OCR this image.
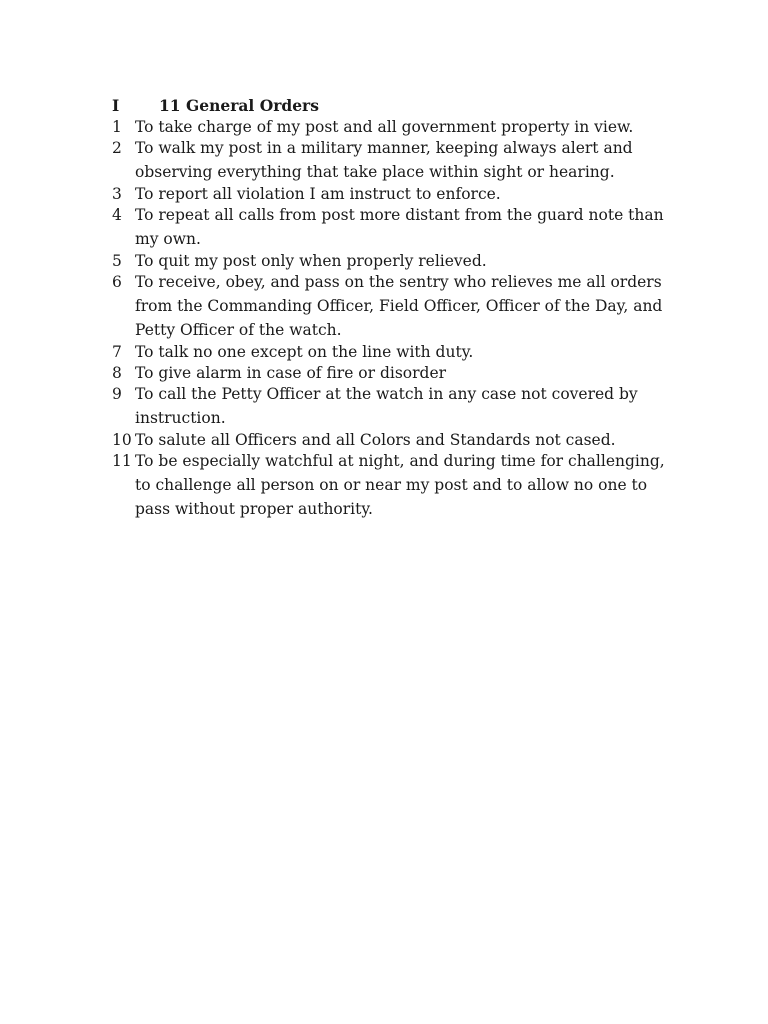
I	11 General Orders
1 To take charge of my post and all government property in view.
2 To walk my post in a military manner, keeping always alert and observing everything that take place within sight or hearing.
3 To report all violation I am instruct to enforce.
4 To repeat all calls from post more distant from the guard note than my own.
5 To quit my post only when properly relieved.
6 To receive, obey, and pass on the sentry who relieves me all orders from the Commanding Officer, Field Officer, Officer of the Day, and Petty Officer of the watch.
7 To talk no one except on the line with duty.
8 To give alarm in case of fire or disorder
9 To call the Petty Officer at the watch in any case not covered by instruction.
10 To salute all Officers and all Colors and Standards not cased.
11 To be especially watchful at night, and during time for challenging, to challenge all person on or near my post and to allow no one to pass without proper authority.
